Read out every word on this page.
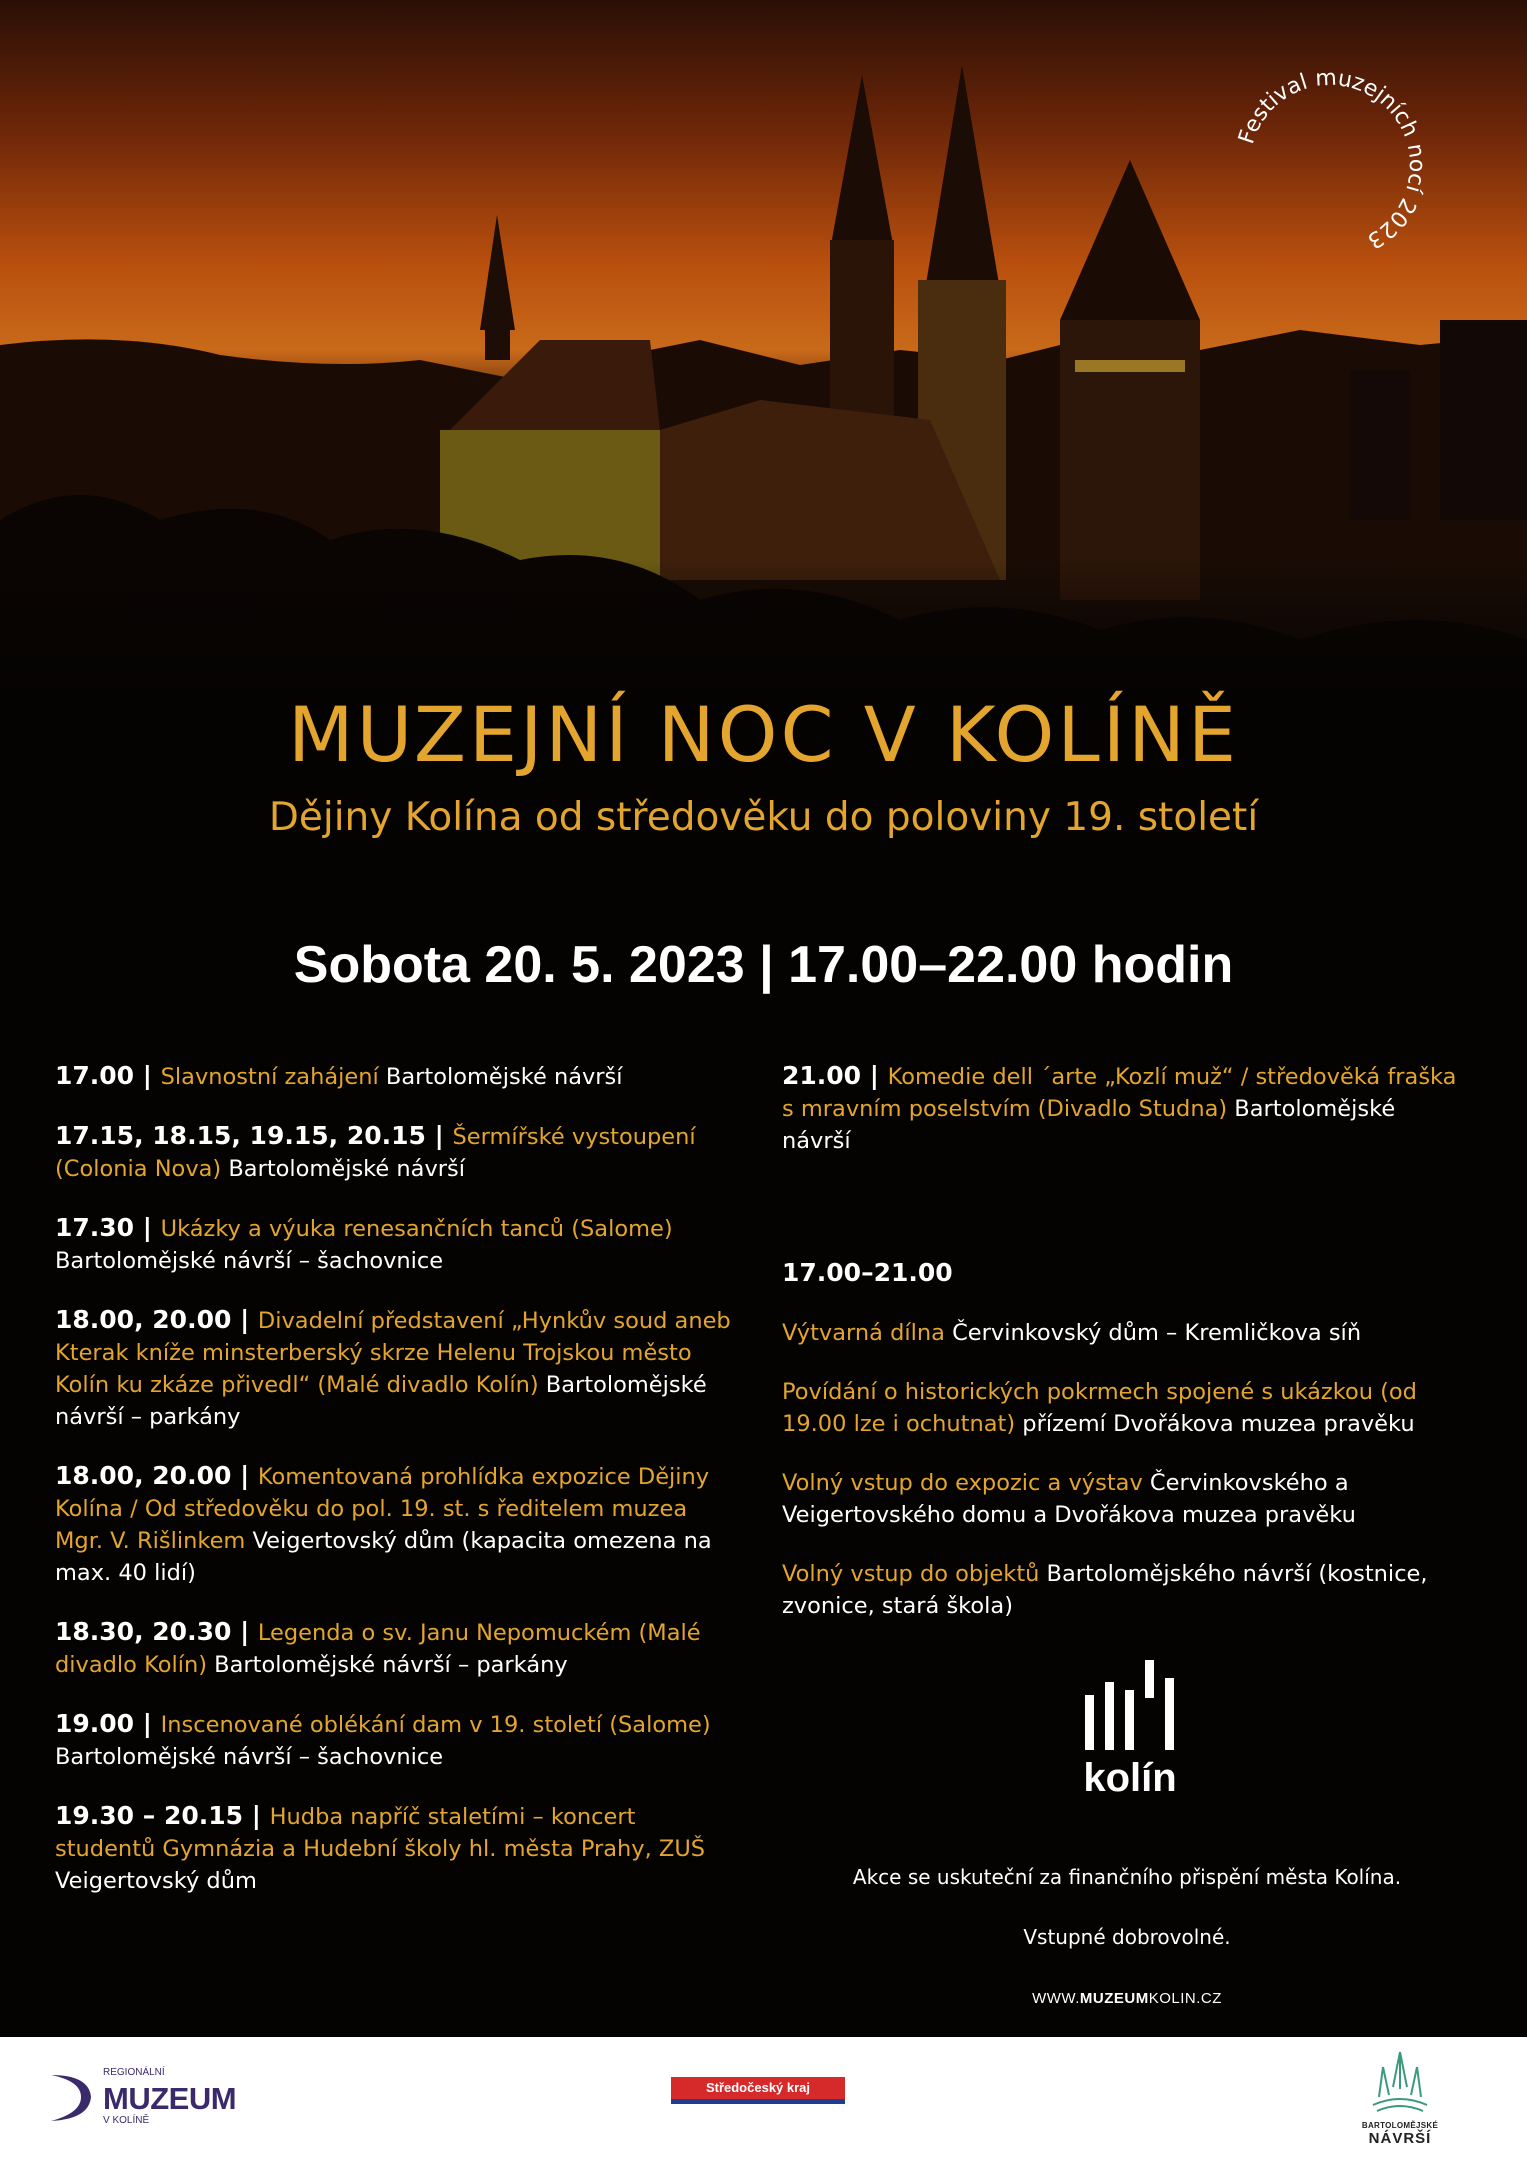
Festival muzejních nocí 2023
MUZEJNÍ NOC V KOLÍNĚ
Dějiny Kolína od středověku do poloviny 19. století
Sobota 20. 5. 2023 | 17.00–22.00 hodin
17.00 | Slavnostní zahájení Bartolomějské návrší
17.15, 18.15, 19.15, 20.15 | Šermířské vystoupení (Colonia Nova) Bartolomějské návrší
17.30 | Ukázky a výuka renesančních tanců (Salome) Bartolomějské návrší – šachovnice
18.00, 20.00 | Divadelní představení „Hynkův soud aneb Kterak kníže minsterberský skrze Helenu Trojskou město Kolín ku zkáze přivedl“ (Malé divadlo Kolín) Bartolomějské návrší – parkány
18.00, 20.00 | Komentovaná prohlídka expozice Dějiny Kolína / Od středověku do pol. 19. st. s ředitelem muzea Mgr. V. Rišlinkem Veigertovský dům (kapacita omezena na max. 40 lidí)
18.30, 20.30 | Legenda o sv. Janu Nepomuckém (Malé divadlo Kolín) Bartolomějské návrší – parkány
19.00 | Inscenované oblékání dam v 19. století (Salome) Bartolomějské návrší – šachovnice
19.30 – 20.15 | Hudba napříč staletími – koncert studentů Gymnázia a Hudební školy hl. města Prahy, ZUŠ Veigertovský dům
21.00 | Komedie dell ´arte „Kozlí muž“ / středověká fraška s mravním poselstvím (Divadlo Studna) Bartolomějské návrší
17.00–21.00
Výtvarná dílna Červinkovský dům – Kremličkova síň
Povídání o historických pokrmech spojené s ukázkou (od 19.00 lze i ochutnat) přízemí Dvořákova muzea pravěku
Volný vstup do expozic a výstav Červinkovského a Veigertovského domu a Dvořákova muzea pravěku
Volný vstup do objektů Bartolomějského návrší (kostnice, zvonice, stará škola)
kolín
Akce se uskuteční za finančního přispění města Kolína.
Vstupné dobrovolné.
WWW.MUZEUMKOLIN.CZ
REGIONÁLNÍ
MUZEUM
V KOLÍNĚ
Středočeský kraj
BARTOLOMĚJSKÉ
NÁVRŠÍ
